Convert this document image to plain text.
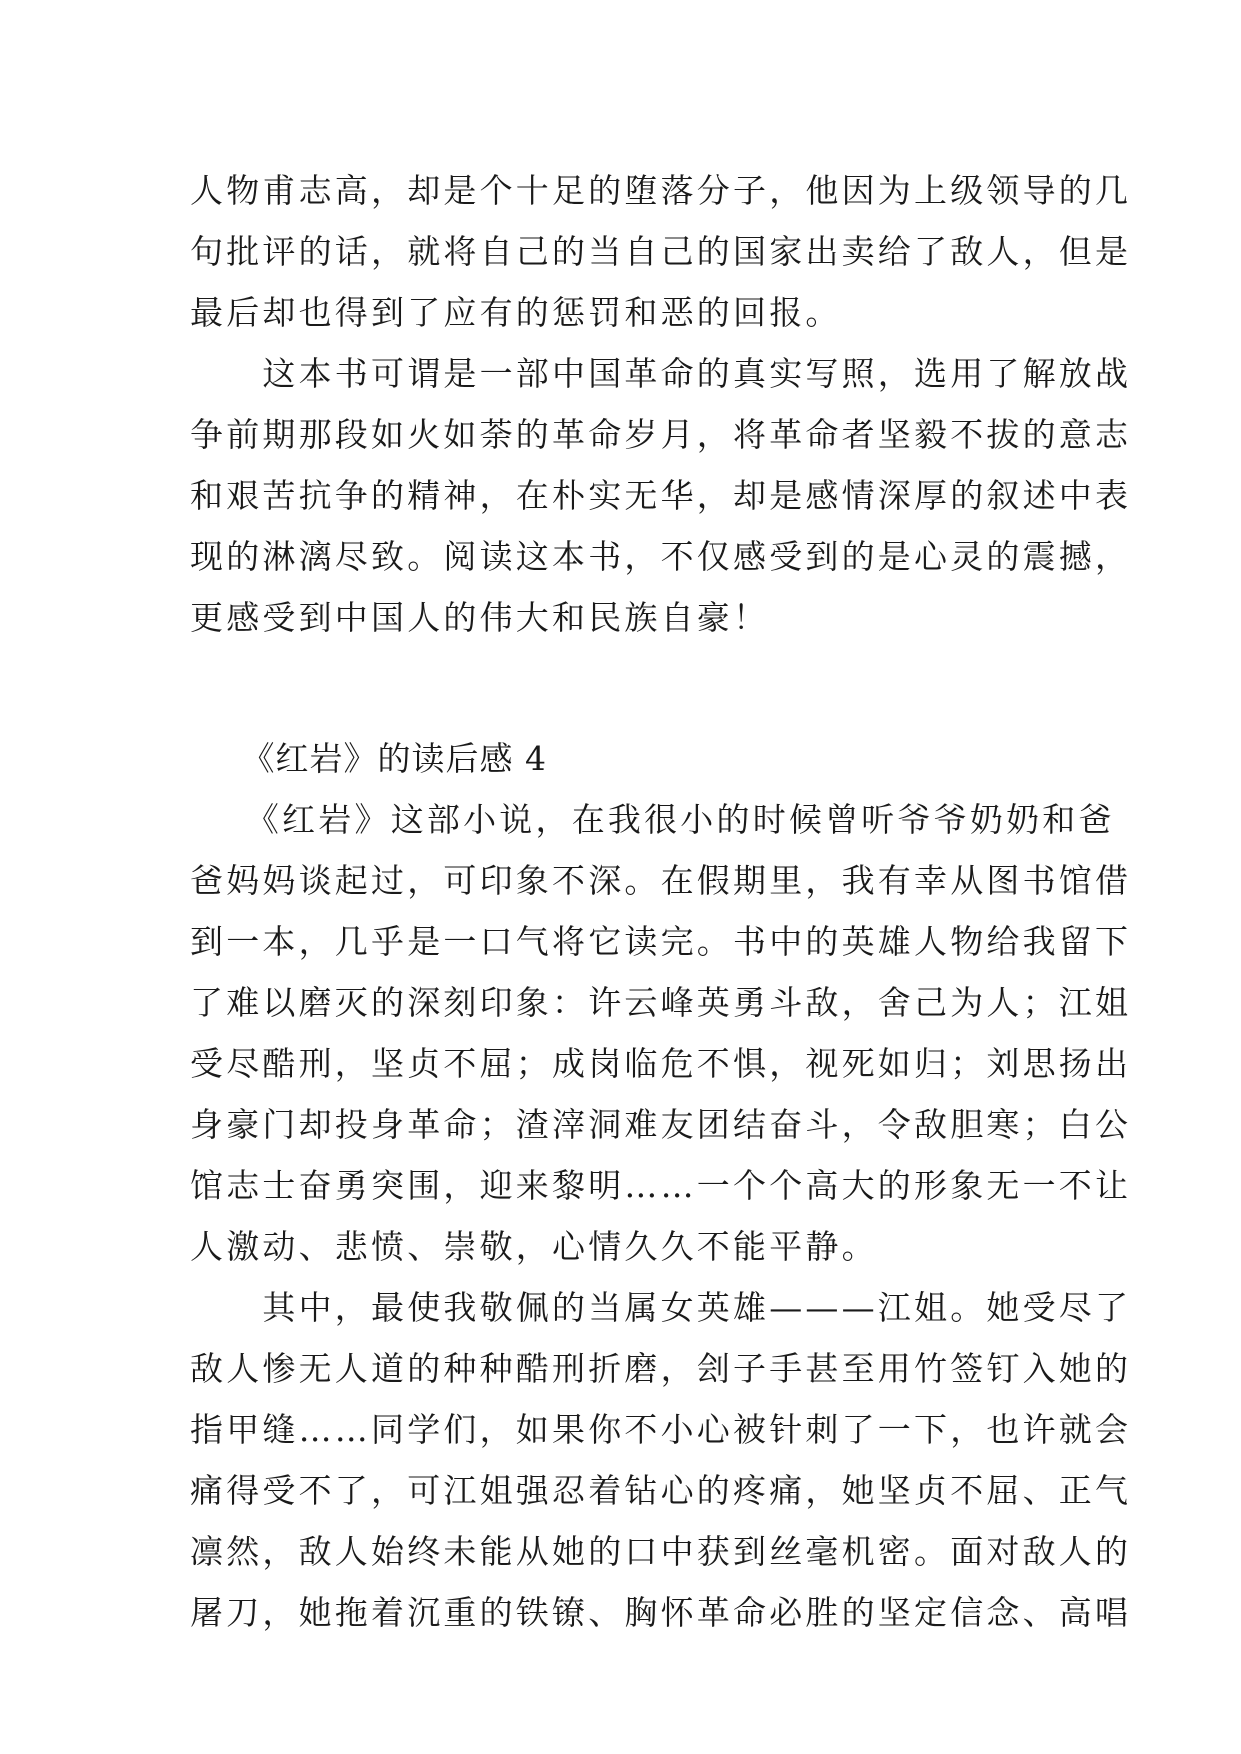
人物甫志高，却是个十足的堕落分子，他因为上级领导的几
句批评的话，就将自己的当自己的国家出卖给了敌人，但是
最后却也得到了应有的惩罚和恶的回报。
　　这本书可谓是一部中国革命的真实写照，选用了解放战
争前期那段如火如荼的革命岁月，将革命者坚毅不拔的意志
和艰苦抗争的精神，在朴实无华，却是感情深厚的叙述中表
现的淋漓尽致。阅读这本书，不仅感受到的是心灵的震撼，
更感受到中国人的伟大和民族自豪！
　　《红岩》的读后感 4
　　《红岩》这部小说，在我很小的时候曾听爷爷奶奶和爸
爸妈妈谈起过，可印象不深。在假期里，我有幸从图书馆借
到一本，几乎是一口气将它读完。书中的英雄人物给我留下
了难以磨灭的深刻印象：许云峰英勇斗敌，舍己为人；江姐
受尽酷刑，坚贞不屈；成岗临危不惧，视死如归；刘思扬出
身豪门却投身革命；渣滓洞难友团结奋斗，令敌胆寒；白公
馆志士奋勇突围，迎来黎明……一个个高大的形象无一不让
人激动、悲愤、崇敬，心情久久不能平静。
　　其中，最使我敬佩的当属女英雄———江姐。她受尽了
敌人惨无人道的种种酷刑折磨，刽子手甚至用竹签钉入她的
指甲缝……同学们，如果你不小心被针刺了一下，也许就会
痛得受不了，可江姐强忍着钻心的疼痛，她坚贞不屈、正气
凛然，敌人始终未能从她的口中获到丝毫机密。面对敌人的
屠刀，她拖着沉重的铁镣、胸怀革命必胜的坚定信念、高唱
